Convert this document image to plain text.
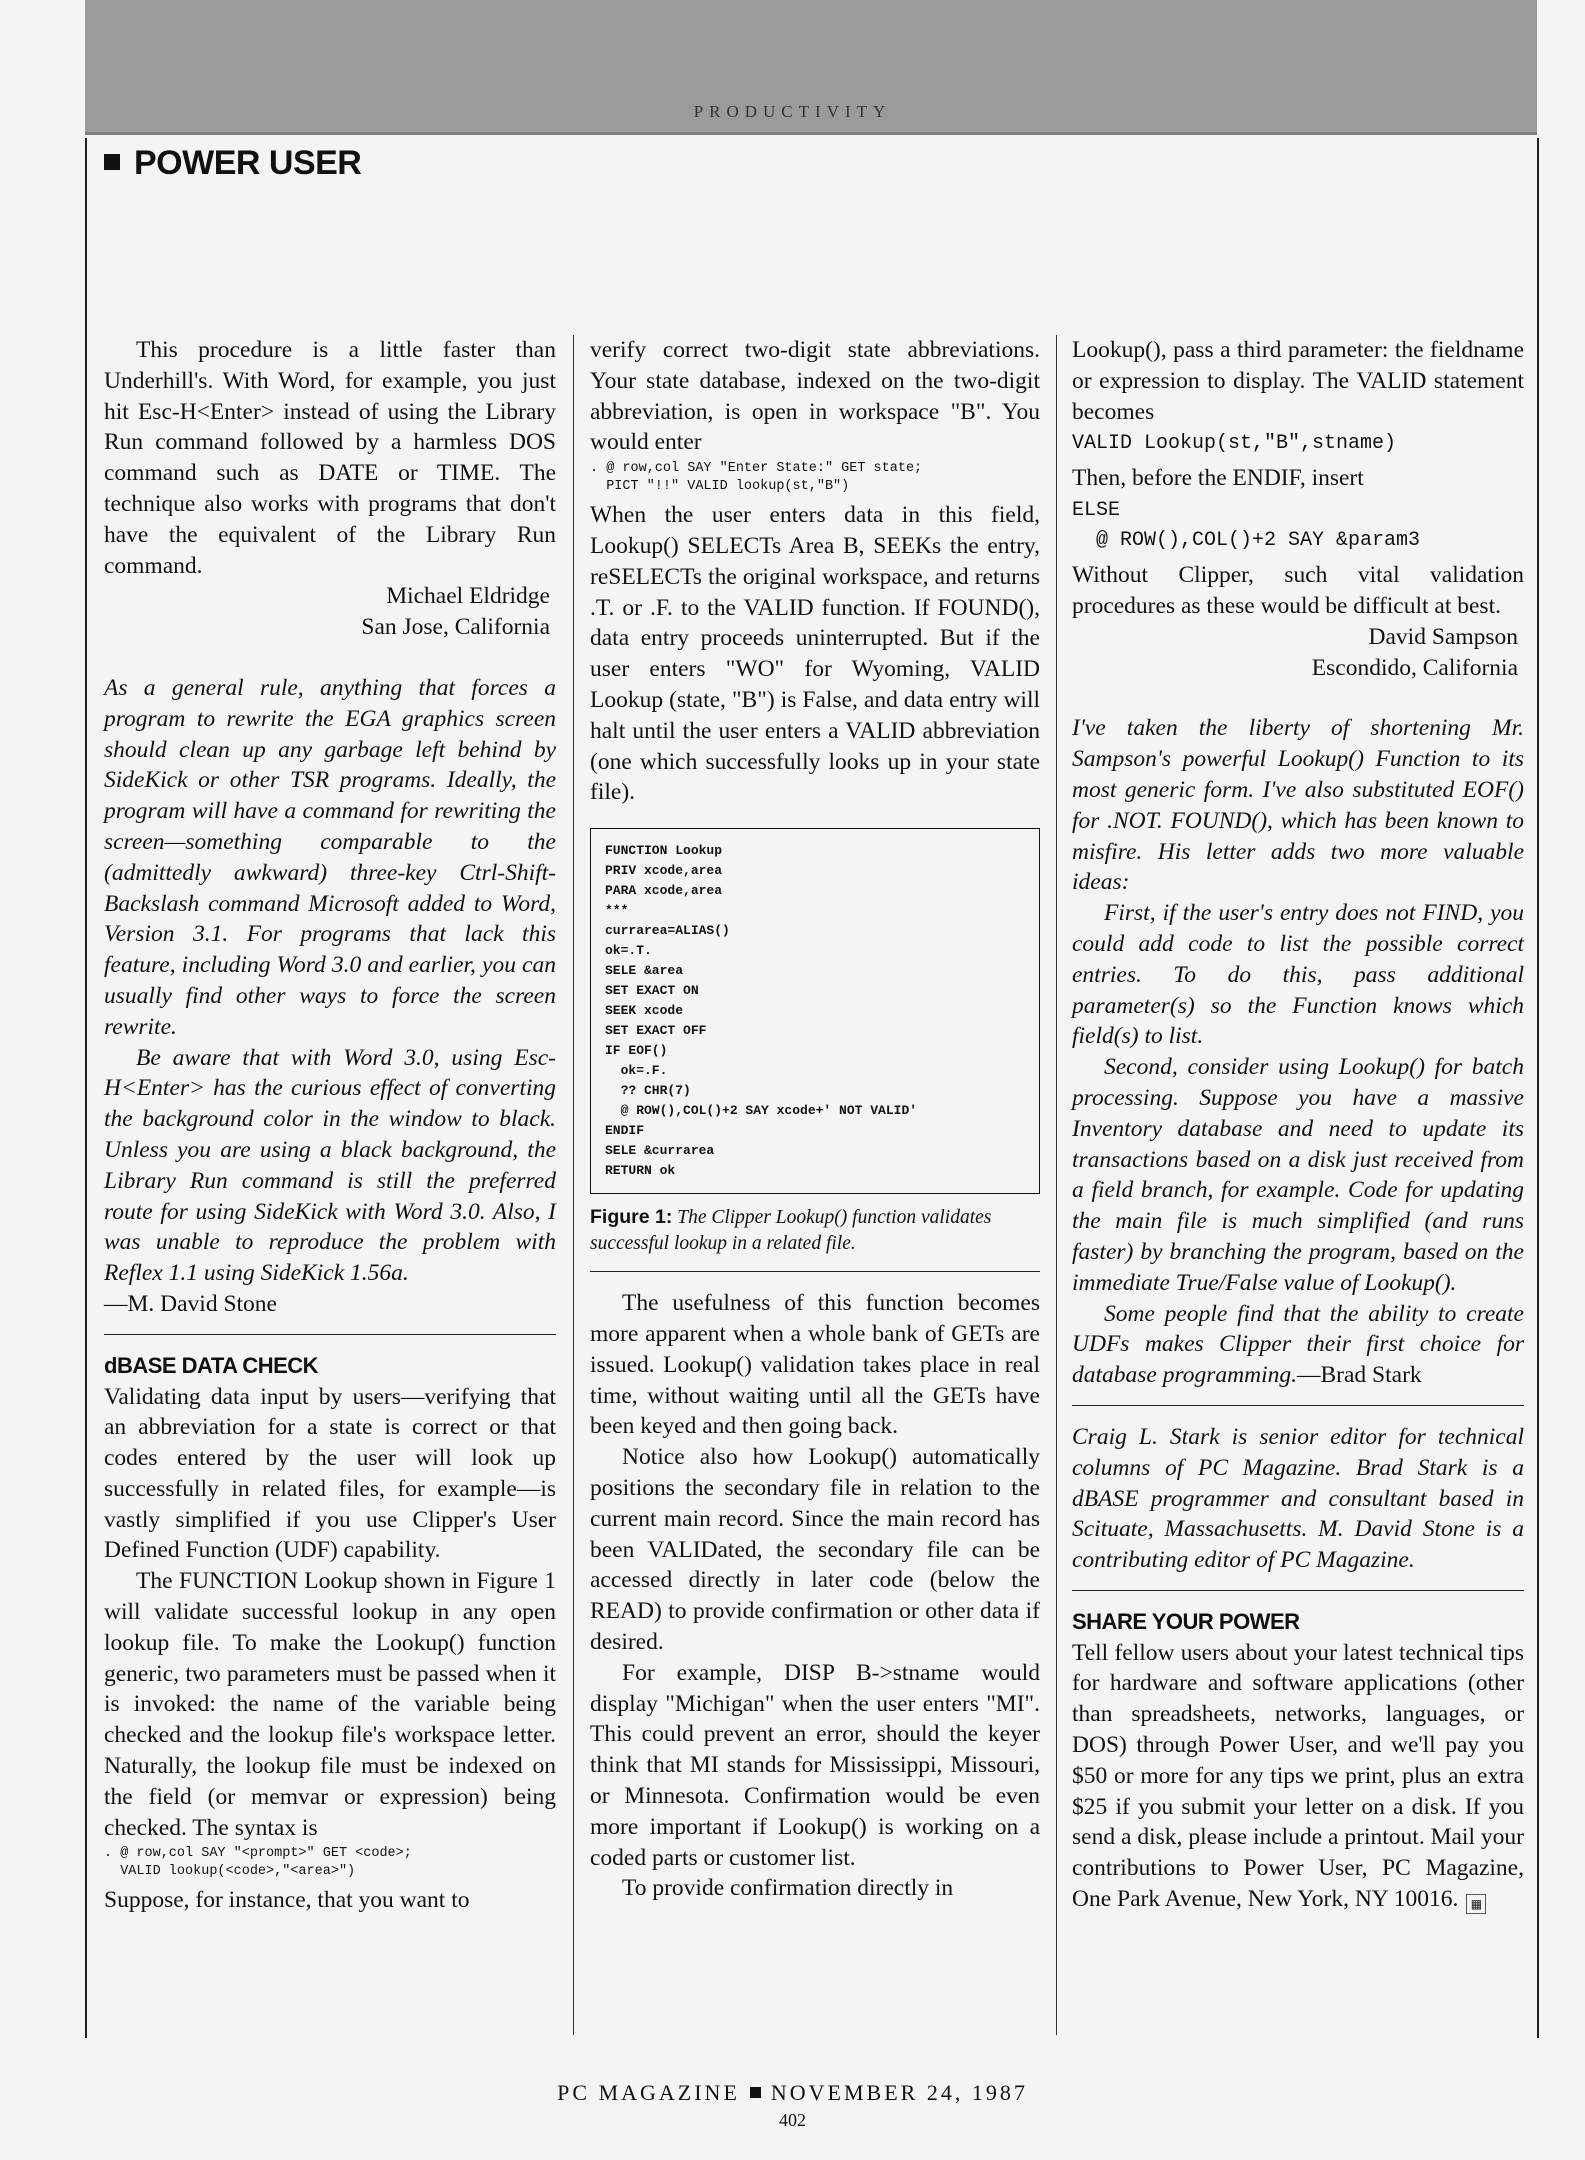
PRODUCTIVITY
POWER USER

This procedure is a little faster than Underhill's. With Word, for example, you just hit Esc-H<Enter> instead of using the Library Run command followed by a harmless DOS command such as DATE or TIME. The technique also works with programs that don't have the equivalent of the Library Run command.

Michael Eldridge

San Jose, California

As a general rule, anything that forces a program to rewrite the EGA graphics screen should clean up any garbage left behind by SideKick or other TSR programs. Ideally, the program will have a command for rewriting the screen—something comparable to the (admittedly awkward) three-key Ctrl-Shift-Backslash command Microsoft added to Word, Version 3.1. For programs that lack this feature, including Word 3.0 and earlier, you can usually find other ways to force the screen rewrite.

Be aware that with Word 3.0, using Esc-H<Enter> has the curious effect of converting the background color in the window to black. Unless you are using a black background, the Library Run command is still the preferred route for using SideKick with Word 3.0. Also, I was unable to reproduce the problem with Reflex 1.1 using SideKick 1.56a.

—M. David Stone

dBASE DATA CHECK

Validating data input by users—verifying that an abbreviation for a state is correct or that codes entered by the user will look up successfully in related files, for example—is vastly simplified if you use Clipper's User Defined Function (UDF) capability.

The FUNCTION Lookup shown in Figure 1 will validate successful lookup in any open lookup file. To make the Lookup() function generic, two parameters must be passed when it is invoked: the name of the variable being checked and the lookup file's workspace letter. Naturally, the lookup file must be indexed on the field (or memvar or expression) being checked. The syntax is

. @ row,col SAY "<prompt>" GET <code>;
VALID lookup(<code>,"<area>")

Suppose, for instance, that you want to

verify correct two-digit state abbreviations. Your state database, indexed on the two-digit abbreviation, is open in workspace "B". You would enter

. @ row,col SAY "Enter State:" GET state;
PICT "!!" VALID lookup(st,"B")

When the user enters data in this field, Lookup() SELECTs Area B, SEEKs the entry, reSELECTs the original workspace, and returns .T. or .F. to the VALID function. If FOUND(), data entry proceeds uninterrupted. But if the user enters "WO" for Wyoming, VALID Lookup (state, "B") is False, and data entry will halt until the user enters a VALID abbreviation (one which successfully looks up in your state file).

FUNCTION Lookup
PRIV xcode,area
PARA xcode,area
***
currarea=ALIAS()
ok=.T.
SELE &area
SET EXACT ON
SEEK xcode
SET EXACT OFF
IF EOF()
ok=.F.
?? CHR(7)
@ ROW(),COL()+2 SAY xcode+' NOT VALID'
ENDIF
SELE &currarea
RETURN ok

Figure 1: The Clipper Lookup() function validates successful lookup in a related file.

The usefulness of this function becomes more apparent when a whole bank of GETs are issued. Lookup() validation takes place in real time, without waiting until all the GETs have been keyed and then going back.

Notice also how Lookup() automatically positions the secondary file in relation to the current main record. Since the main record has been VALIDated, the secondary file can be accessed directly in later code (below the READ) to provide confirmation or other data if desired.

For example, DISP B->stname would display "Michigan" when the user enters "MI". This could prevent an error, should the keyer think that MI stands for Mississippi, Missouri, or Minnesota. Confirmation would be even more important if Lookup() is working on a coded parts or customer list.

To provide confirmation directly in

Lookup(), pass a third parameter: the fieldname or expression to display. The VALID statement becomes

VALID Lookup(st,"B",stname)

Then, before the ENDIF, insert

ELSE
@ ROW(),COL()+2 SAY &param3

Without Clipper, such vital validation procedures as these would be difficult at best.

David Sampson

Escondido, California

I've taken the liberty of shortening Mr. Sampson's powerful Lookup() Function to its most generic form. I've also substituted EOF() for .NOT. FOUND(), which has been known to misfire. His letter adds two more valuable ideas:

First, if the user's entry does not FIND, you could add code to list the possible correct entries. To do this, pass additional parameter(s) so the Function knows which field(s) to list.

Second, consider using Lookup() for batch processing. Suppose you have a massive Inventory database and need to update its transactions based on a disk just received from a field branch, for example. Code for updating the main file is much simplified (and runs faster) by branching the program, based on the immediate True/False value of Lookup().

Some people find that the ability to create UDFs makes Clipper their first choice for database programming.—Brad Stark

Craig L. Stark is senior editor for technical columns of PC Magazine. Brad Stark is a dBASE programmer and consultant based in Scituate, Massachusetts. M. David Stone is a contributing editor of PC Magazine.

SHARE YOUR POWER

Tell fellow users about your latest technical tips for hardware and software applications (other than spreadsheets, networks, languages, or DOS) through Power User, and we'll pay you $50 or more for any tips we print, plus an extra $25 if you submit your letter on a disk. If you send a disk, please include a printout. Mail your contributions to Power User, PC Magazine, One Park Avenue, New York, NY 10016. ▦

PC MAGAZINE NOVEMBER 24, 1987
402
